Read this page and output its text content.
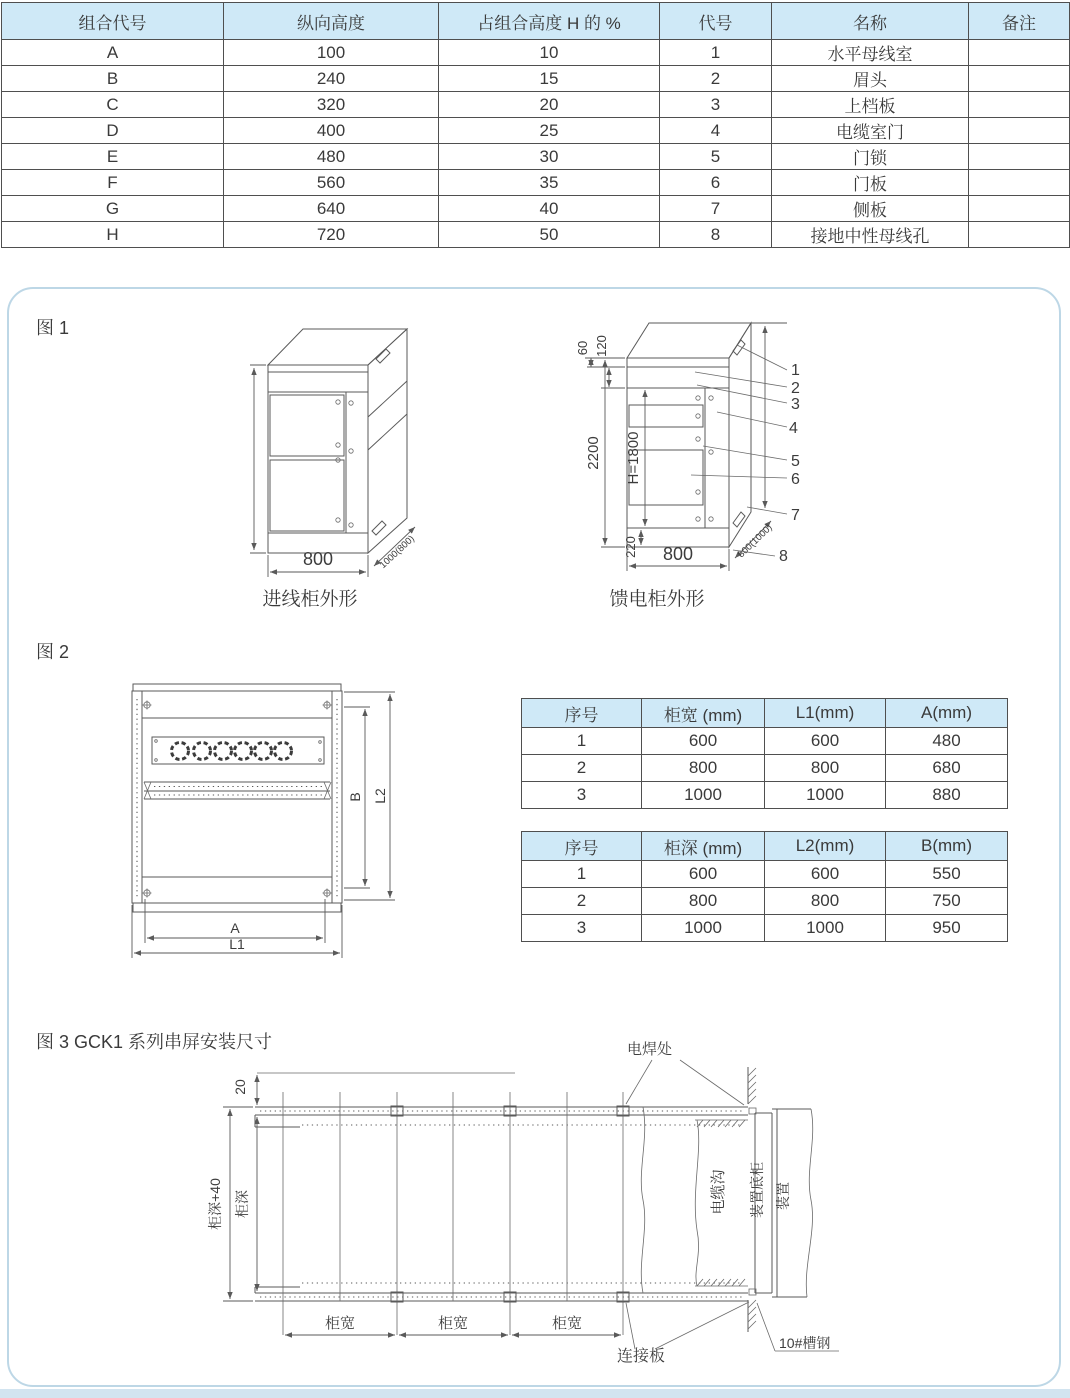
组合代号	纵向高度	占组合高度 H 的 %	代号	名称	备注
A	100	10	1	水平母线室	
B	240	15	2	眉头	
C	320	20	3	上档板	
D	400	25	4	电缆室门	
E	480	30	5	门锁	
F	560	35	6	门板	
G	640	40	7	侧板	
H	720	50	8	接地中性母线孔	
图 1
图 2
图 3 GCK1 系列串屏安装尺寸
800	1000(800)
60 120
2200 H=1800
220 800	800(1000)
1
2
3
4
5
6
7
8
进线柜外形	馈电柜外形
B L2
A
L1
序号	柜宽 (mm)	L1(mm)	A(mm)
1	600	600	480
2	800	800	680
3	1000	1000	880
序号	柜深 (mm)	L2(mm)	B(mm)
1	600	600	550
2	800	800	750
3	1000	1000	950
20
柜深+40 柜深
柜宽	柜宽	柜宽
电焊处
电缆沟 装置底柜 装置
连接板
10#槽钢
